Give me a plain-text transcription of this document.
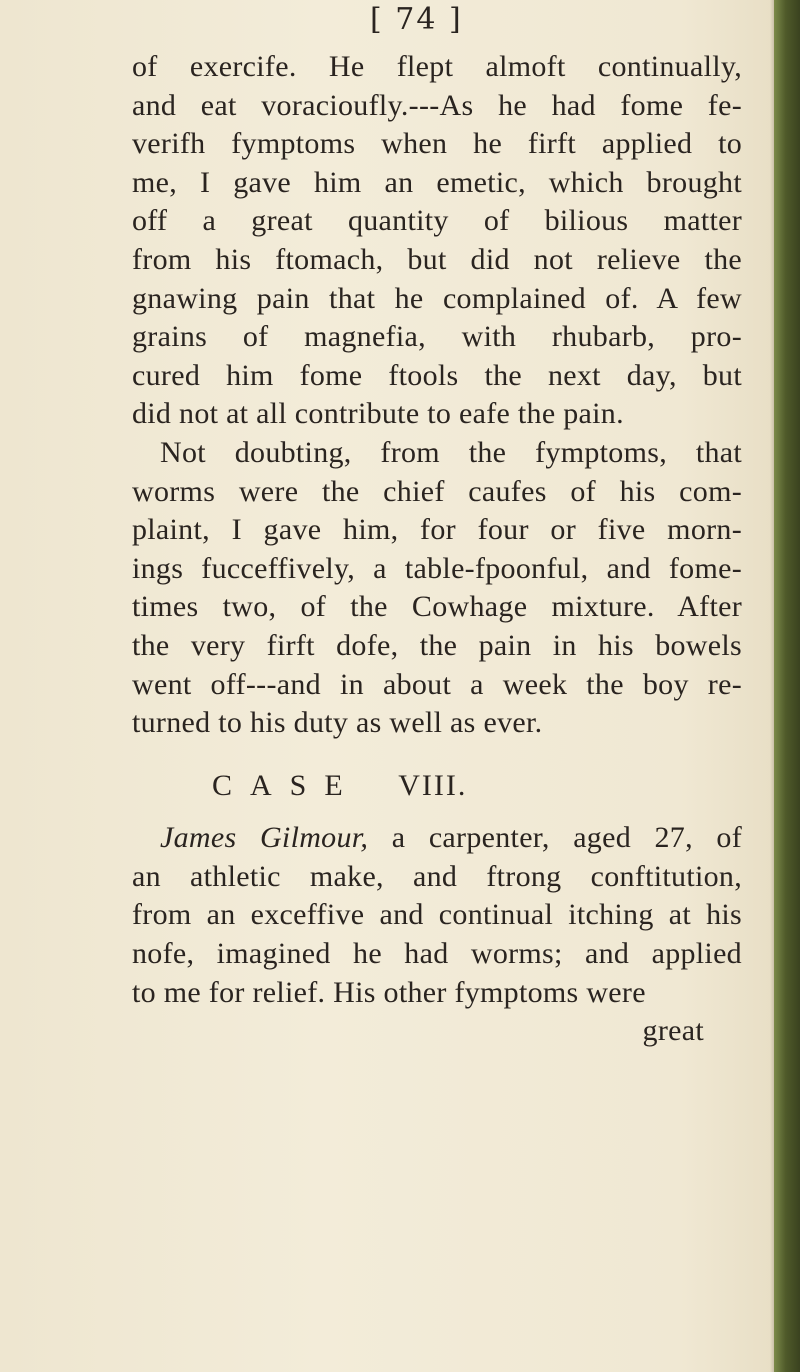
[ 74 ]
of exercife. He flept almoft continually,
and eat voracioufly.---As he had fome fe-
verifh fymptoms when he firft applied to
me, I gave him an emetic, which brought
off a great quantity of bilious matter
from his ftomach, but did not relieve the
gnawing pain that he complained of. A few
grains of magnefia, with rhubarb, pro-
cured him fome ftools the next day, but
did not at all contribute to eafe the pain.
Not doubting, from the fymptoms, that
worms were the chief caufes of his com-
plaint, I gave him, for four or five morn-
ings fucceffively, a table-fpoonful, and fome-
times two, of the Cowhage mixture. After
the very firft dofe, the pain in his bowels
went off---and in about a week the boy re-
turned to his duty as well as ever.
CASE VIII.
James Gilmour, a carpenter, aged 27, of
an athletic make, and ftrong conftitution,
from an exceffive and continual itching at his
nofe, imagined he had worms; and applied
to me for relief. His other fymptoms were
great
